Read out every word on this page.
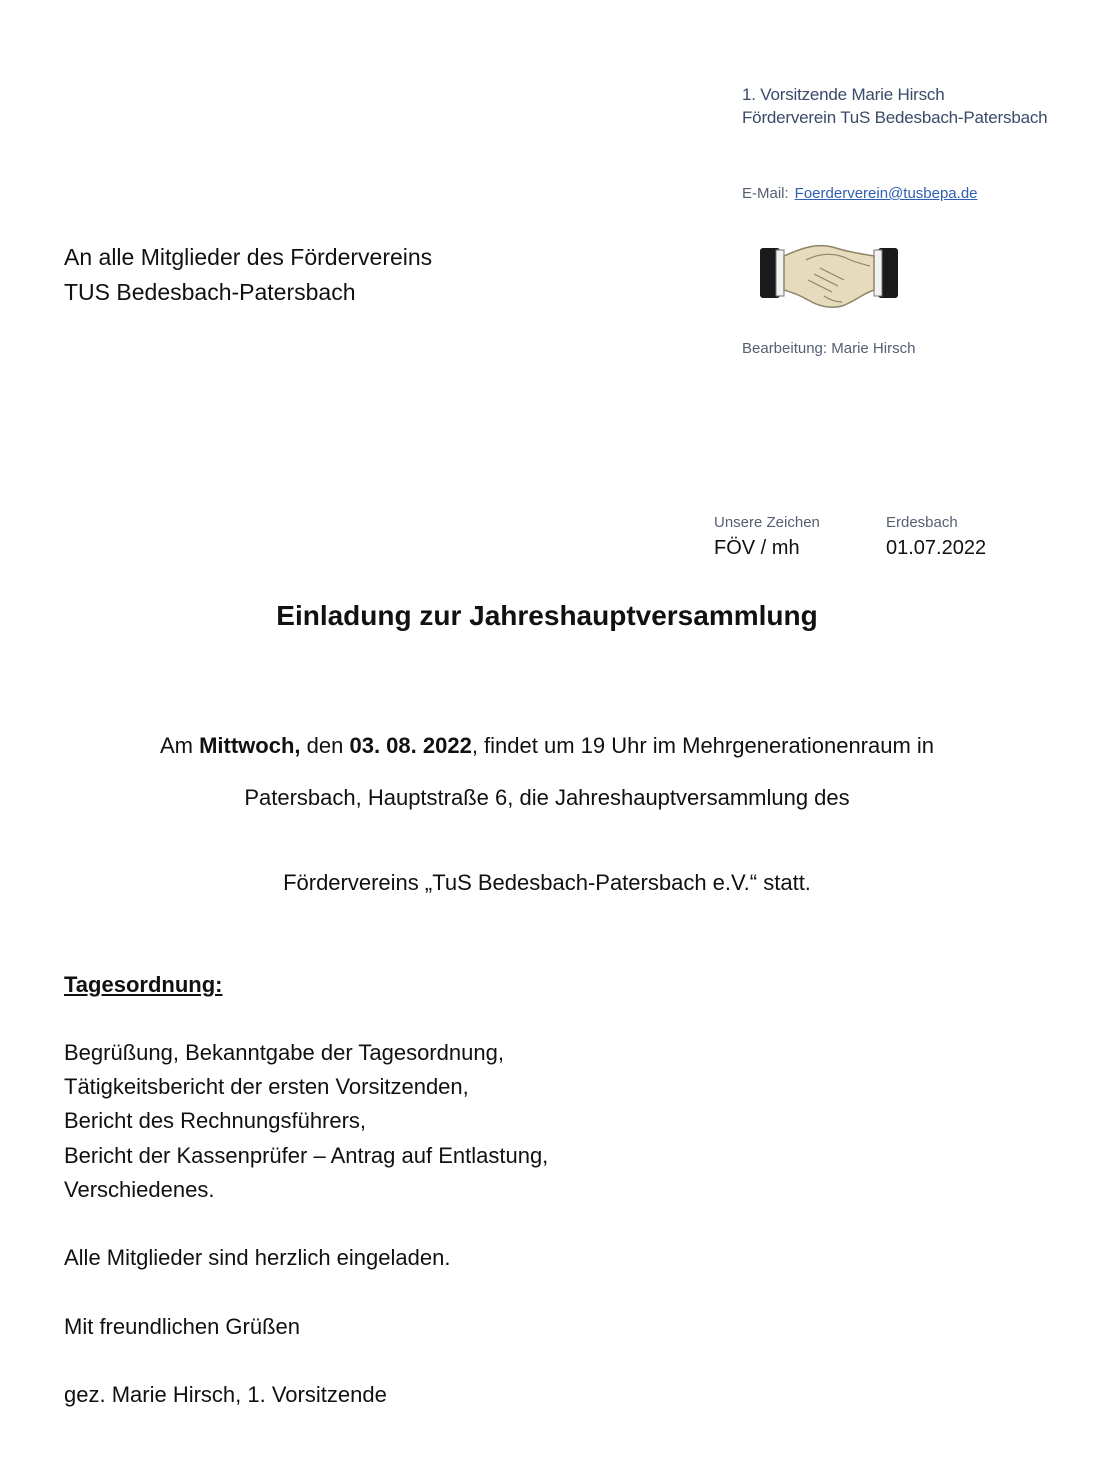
1. Vorsitzende Marie Hirsch
Förderverein TuS Bedesbach-Patersbach
E-Mail: Foerderverein@tusbepa.de
Bearbeitung: Marie Hirsch
An alle Mitglieder des Fördervereins
TUS Bedesbach-Patersbach
Unsere Zeichen
FÖV / mh
Erdesbach
01.07.2022
Einladung zur Jahreshauptversammlung
Am Mittwoch, den 03. 08. 2022, findet um 19 Uhr im Mehrgenerationenraum in
Patersbach, Hauptstraße 6, die Jahreshauptversammlung des
Fördervereins „TuS Bedesbach-Patersbach e.V.“ statt.
Tagesordnung:
Begrüßung, Bekanntgabe der Tagesordnung,
Tätigkeitsbericht der ersten Vorsitzenden,
Bericht des Rechnungsführers,
Bericht der Kassenprüfer – Antrag auf Entlastung,
Verschiedenes.
Alle Mitglieder sind herzlich eingeladen.
Mit freundlichen Grüßen
gez. Marie Hirsch, 1. Vorsitzende
